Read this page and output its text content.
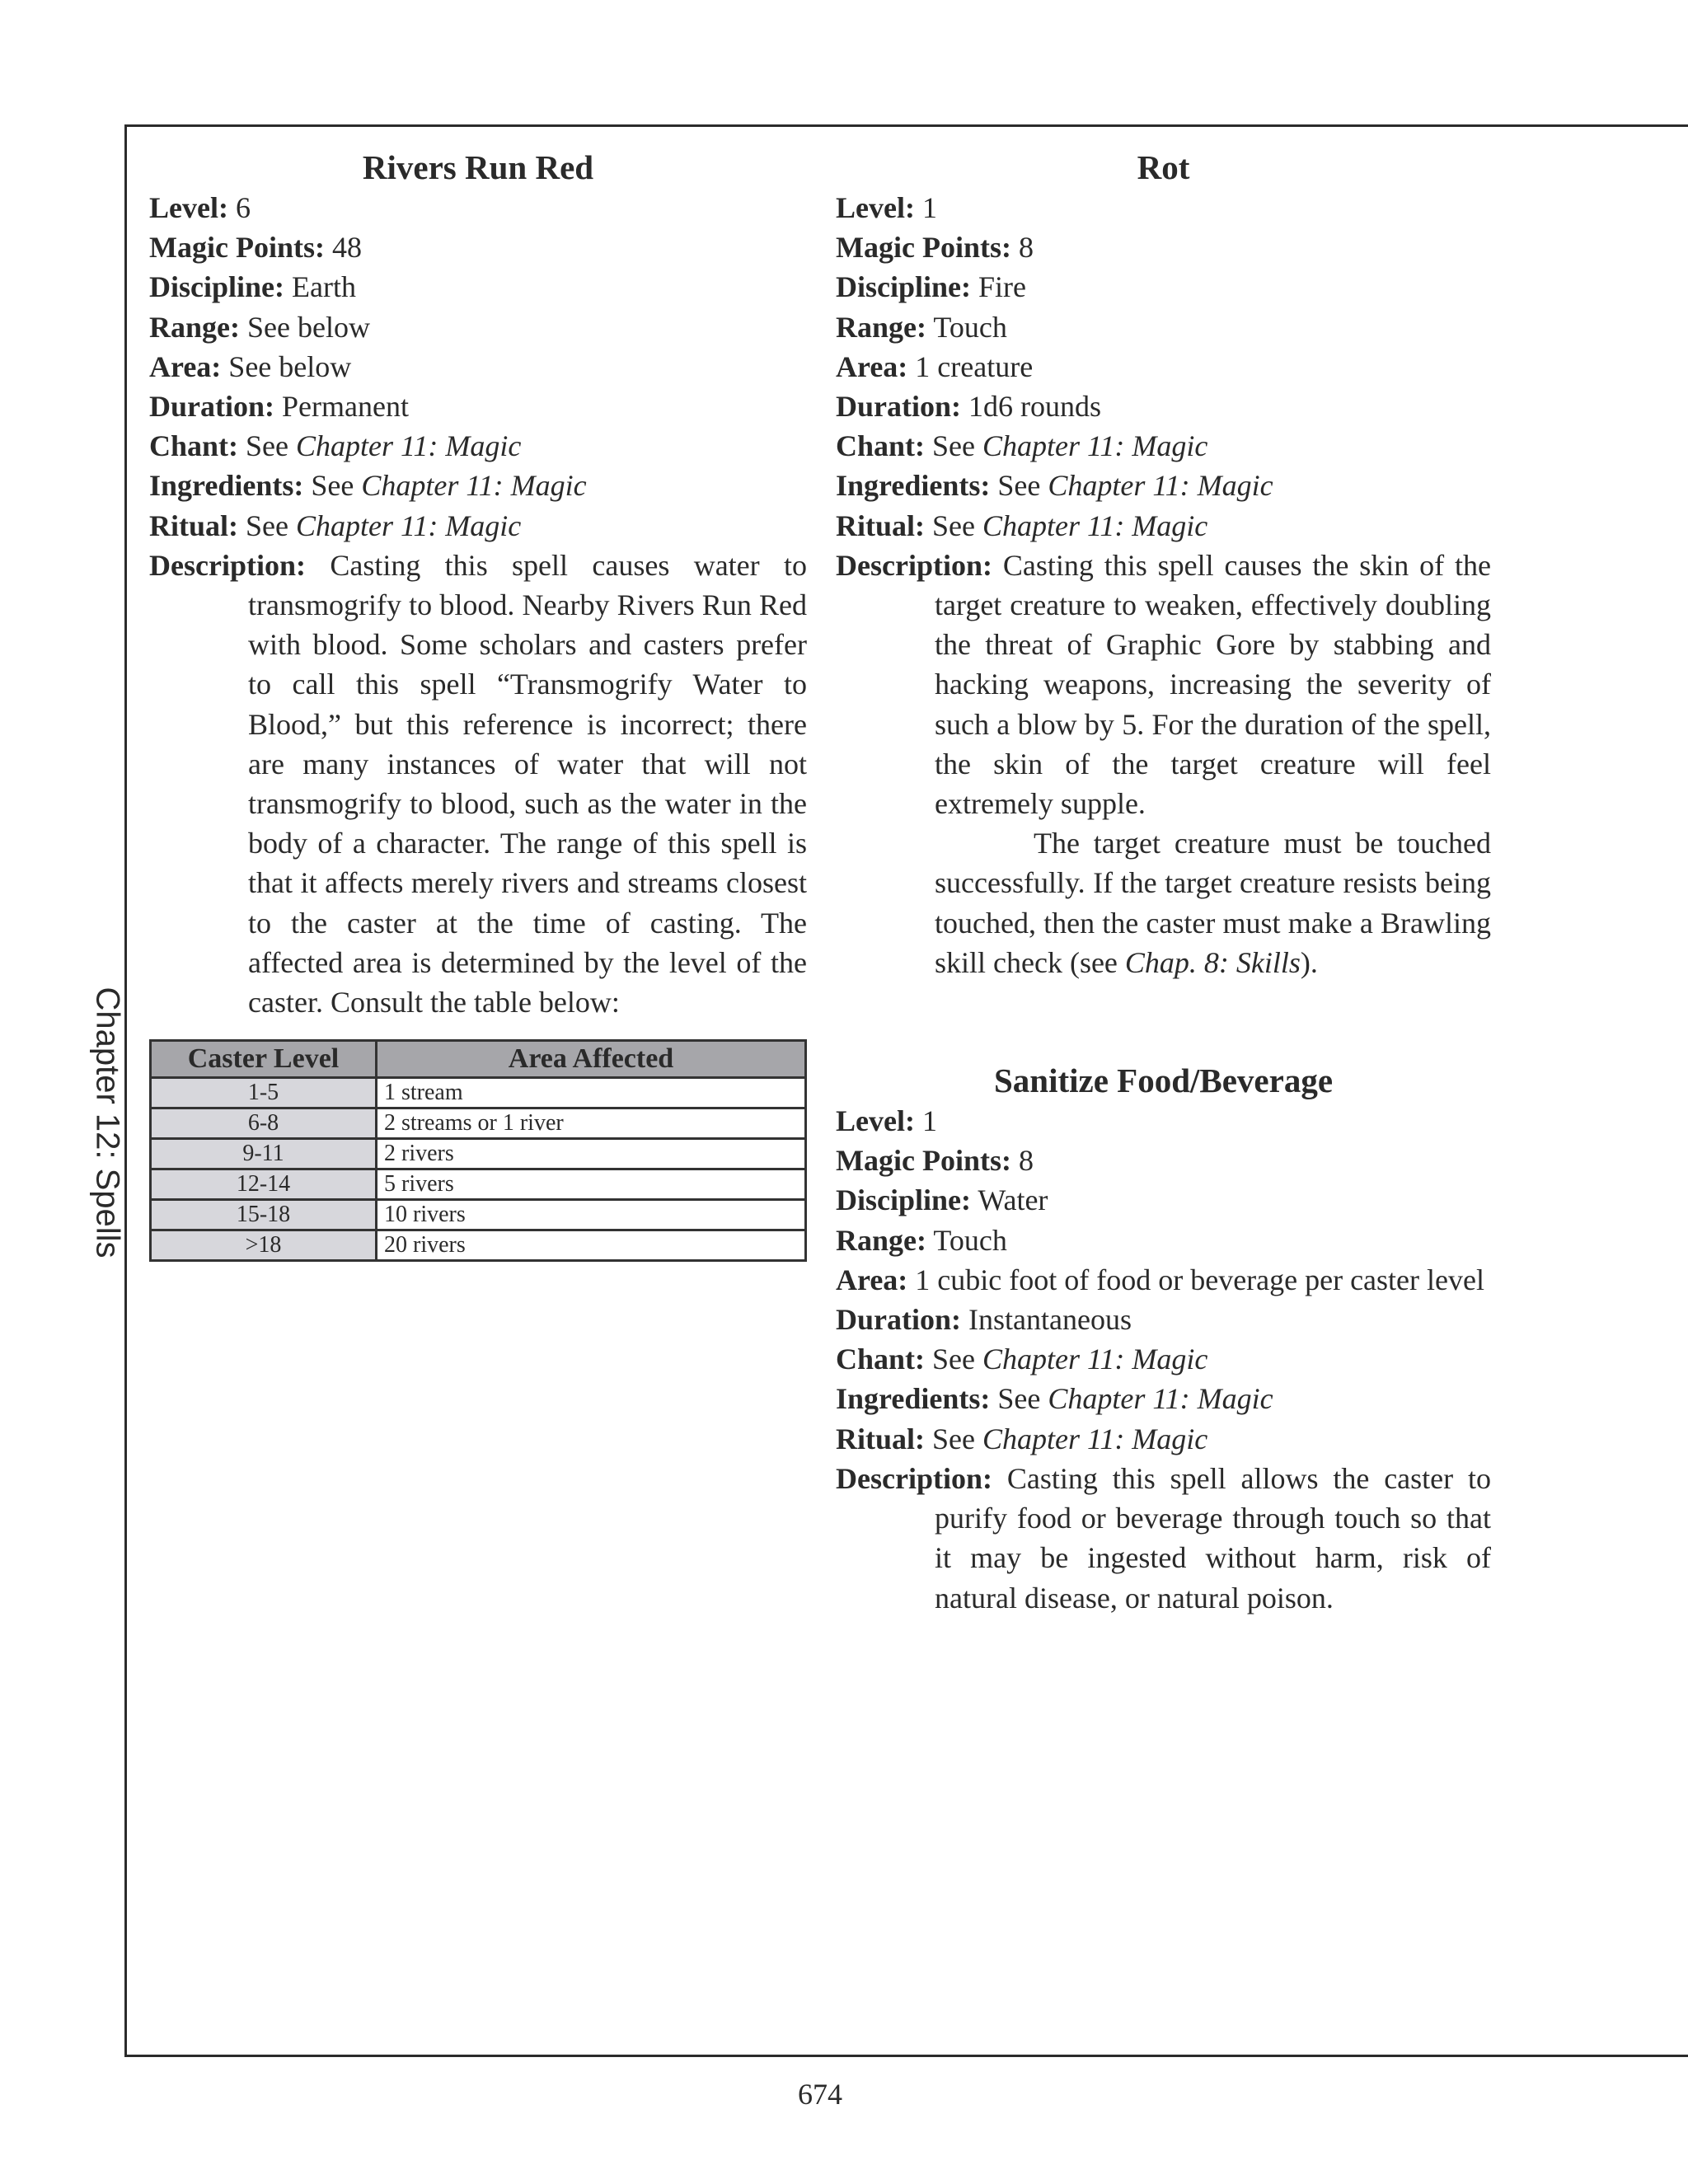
Chapter 12: Spells
Rivers Run Red
Level: 6
Magic Points: 48
Discipline: Earth
Range: See below
Area: See below
Duration: Permanent
Chant: See Chapter 11: Magic
Ingredients: See Chapter 11: Magic
Ritual: See Chapter 11: Magic
Description: Casting this spell causes water to transmogrify to blood. Nearby Rivers Run Red with blood. Some scholars and casters prefer to call this spell “Transmogrify Water to Blood,” but this reference is incorrect; there are many instances of water that will not transmogrify to blood, such as the water in the body of a character. The range of this spell is that it affects merely rivers and streams closest to the caster at the time of casting. The affected area is determined by the level of the caster. Consult the table below:
Caster Level	Area Affected
1-5	1 stream
6-8	2 streams or 1 river
9-11	2 rivers
12-14	5 rivers
15-18	10 rivers
>18	20 rivers
Rot
Level: 1
Magic Points: 8
Discipline: Fire
Range: Touch
Area: 1 creature
Duration: 1d6 rounds
Chant: See Chapter 11: Magic
Ingredients: See Chapter 11: Magic
Ritual: See Chapter 11: Magic
Description: Casting this spell causes the skin of the target creature to weaken, effectively doubling the threat of Graphic Gore by stabbing and hacking weapons, increasing the severity of such a blow by 5. For the duration of the spell, the skin of the target creature will feel extremely supple.
The target creature must be touched successfully. If the target creature resists being touched, then the caster must make a Brawling skill check (see Chap. 8: Skills).
Sanitize Food/Beverage
Level: 1
Magic Points: 8
Discipline: Water
Range: Touch
Area: 1 cubic foot of food or beverage per caster level
Duration: Instantaneous
Chant: See Chapter 11: Magic
Ingredients: See Chapter 11: Magic
Ritual: See Chapter 11: Magic
Description: Casting this spell allows the caster to purify food or beverage through touch so that it may be ingested without harm, risk of natural disease, or natural poison.
674
